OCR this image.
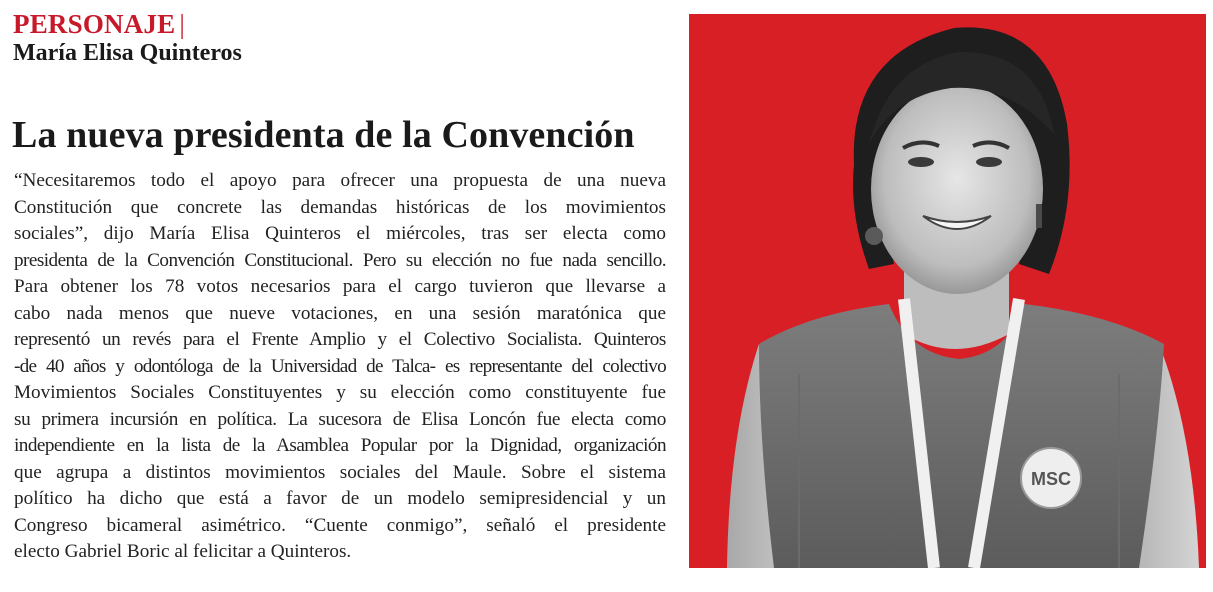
PERSONAJE |
María Elisa Quinteros
La nueva presidenta de la Convención
“Necesitaremos todo el apoyo para ofrecer una propuesta de una nueva
Constitución que concrete las demandas históricas de los movimientos
sociales”, dijo María Elisa Quinteros el miércoles, tras ser electa como
presidenta de la Convención Constitucional. Pero su elección no fue nada sencillo.
Para obtener los 78 votos necesarios para el cargo tuvieron que llevarse a
cabo nada menos que nueve votaciones, en una sesión maratónica que
representó un revés para el Frente Amplio y el Colectivo Socialista. Quinteros
-de 40 años y odontóloga de la Universidad de Talca- es representante del colectivo
Movimientos Sociales Constituyentes y su elección como constituyente fue
su primera incursión en política. La sucesora de Elisa Loncón fue electa como
independiente en la lista de la Asamblea Popular por la Dignidad, organización
que agrupa a distintos movimientos sociales del Maule. Sobre el sistema
político ha dicho que está a favor de un modelo semipresidencial y un
Congreso bicameral asimétrico. “Cuente conmigo”, señaló el presidente
electo Gabriel Boric al felicitar a Quinteros.
MSC
